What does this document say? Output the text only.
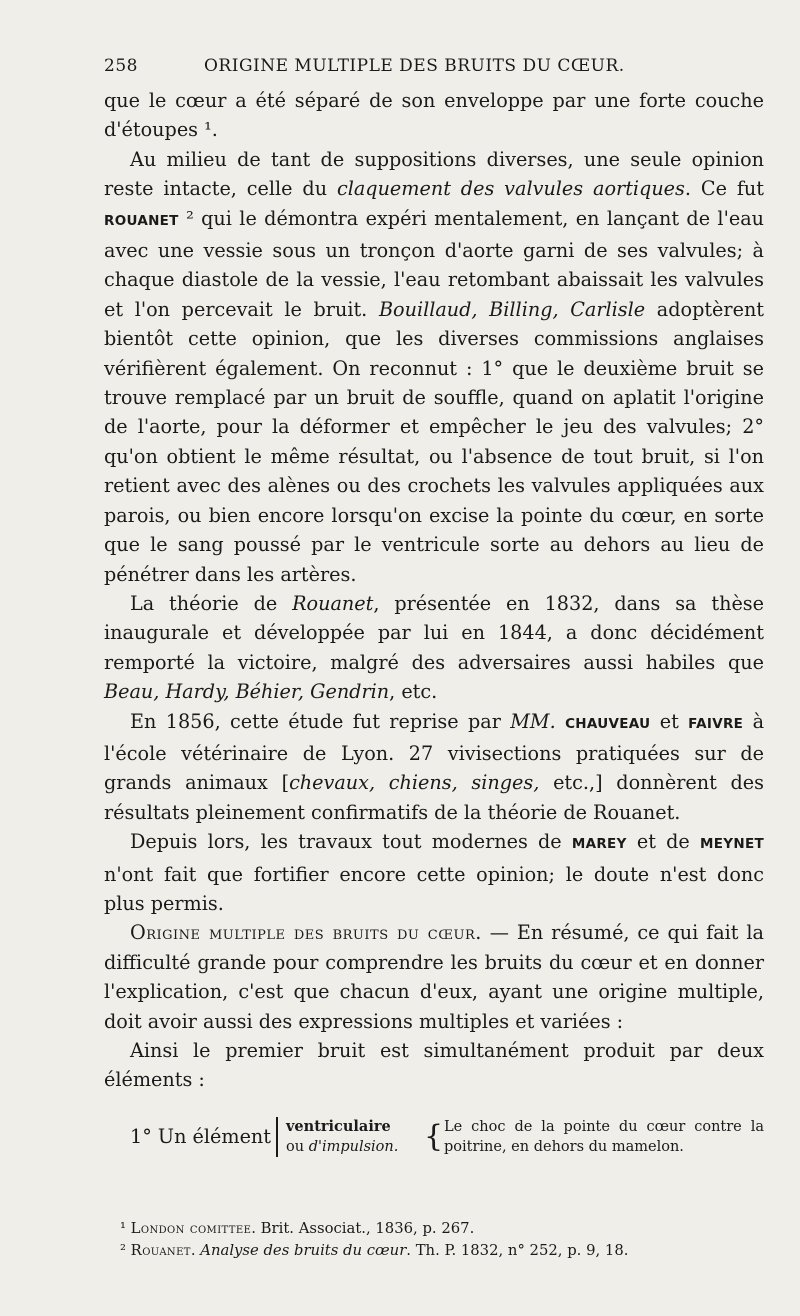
258	ORIGINE MULTIPLE DES BRUITS DU CŒUR.

que le cœur a été séparé de son enveloppe par une forte couche d'étoupes ¹.

Au milieu de tant de suppositions diverses, une seule opinion reste intacte, celle du claquement des valvules aortiques. Ce fut ROUANET ² qui le démontra expéri mentalement, en lançant de l'eau avec une vessie sous un tronçon d'aorte garni de ses valvules; à chaque diastole de la vessie, l'eau retombant abaissait les valvules et l'on percevait le bruit. Bouillaud, Billing, Carlisle adoptèrent bientôt cette opinion, que les diverses commissions anglaises vérifièrent également. On reconnut : 1° que le deuxième bruit se trouve remplacé par un bruit de souffle, quand on aplatit l'origine de l'aorte, pour la déformer et empêcher le jeu des valvules; 2° qu'on obtient le même résultat, ou l'absence de tout bruit, si l'on retient avec des alènes ou des crochets les valvules appliquées aux parois, ou bien encore lorsqu'on excise la pointe du cœur, en sorte que le sang poussé par le ventricule sorte au dehors au lieu de pénétrer dans les artères.

La théorie de Rouanet, présentée en 1832, dans sa thèse inaugurale et développée par lui en 1844, a donc décidément remporté la victoire, malgré des adversaires aussi habiles que Beau, Hardy, Béhier, Gendrin, etc.

En 1856, cette étude fut reprise par MM. CHAUVEAU et FAIVRE à l'école vétérinaire de Lyon. 27 vivisections pratiquées sur de grands animaux [chevaux, chiens, singes, etc.,] donnèrent des résultats pleinement confirmatifs de la théorie de Rouanet.

Depuis lors, les travaux tout modernes de MAREY et de MEYNET n'ont fait que fortifier encore cette opinion; le doute n'est donc plus permis.

Origine multiple des bruits du cœur. — En résumé, ce qui fait la difficulté grande pour comprendre les bruits du cœur et en donner l'explication, c'est que chacun d'eux, ayant une origine multiple, doit avoir aussi des expressions multiples et variées :

Ainsi le premier bruit est simultanément produit par deux éléments :

1° Un élément	ventriculaire
ou d'impulsion. { Le choc de la pointe du cœur contre la poitrine, en dehors du mamelon.

¹ London comittee. Brit. Associat., 1836, p. 267.

² Rouanet. Analyse des bruits du cœur. Th. P. 1832, n° 252, p. 9, 18.
